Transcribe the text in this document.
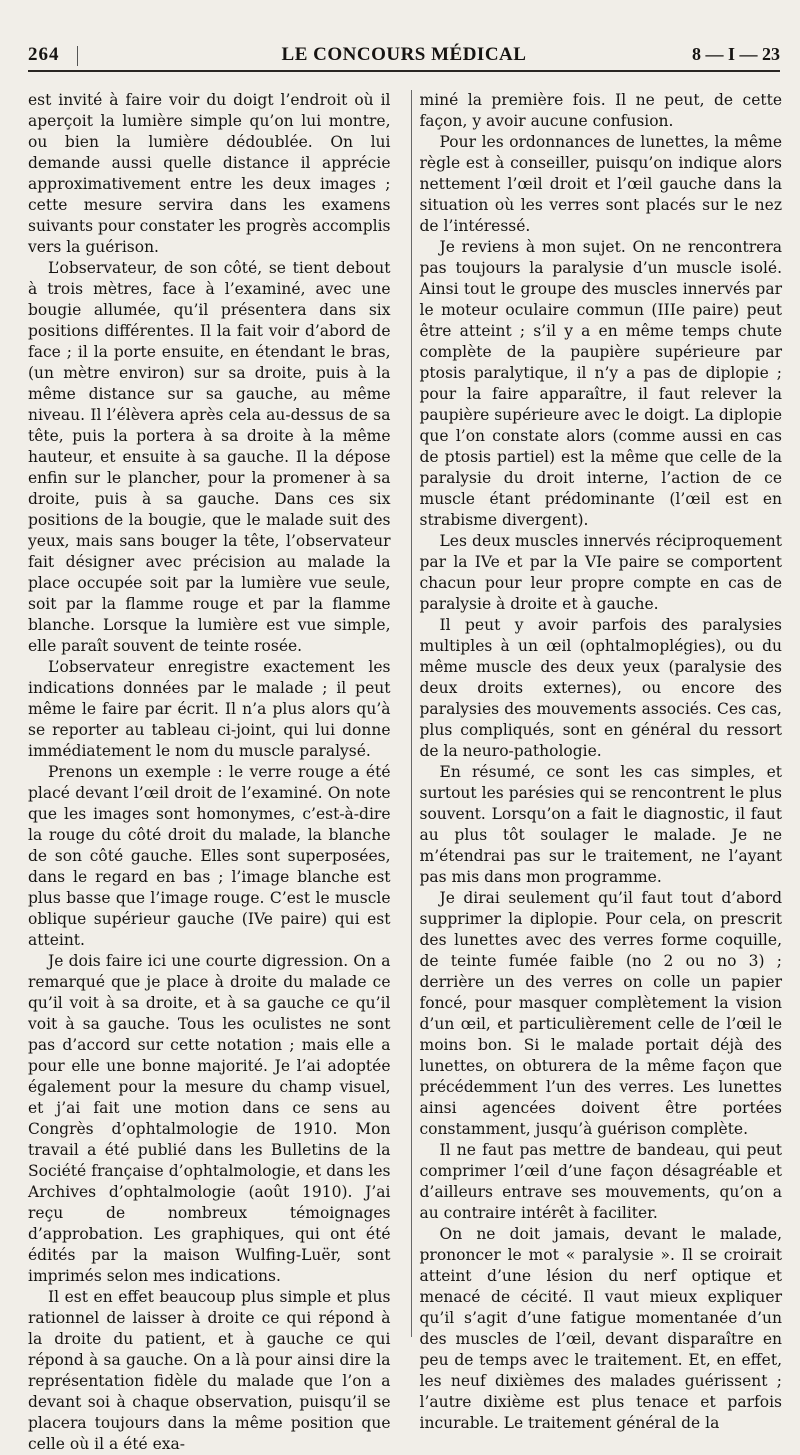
264	LE CONCOURS MÉDICAL	8 — I — 23

est invité à faire voir du doigt l’endroit où il aperçoit la lumière simple qu’on lui montre, ou bien la lumière dédoublée. On lui demande aussi quelle distance il apprécie approximativement entre les deux images ; cette mesure servira dans les examens suivants pour constater les progrès accomplis vers la guérison.

L’observateur, de son côté, se tient debout à trois mètres, face à l’examiné, avec une bougie allumée, qu’il présentera dans six positions différentes. Il la fait voir d’abord de face ; il la porte ensuite, en étendant le bras, (un mètre environ) sur sa droite, puis à la même distance sur sa gauche, au même niveau. Il l’élèvera après cela au-dessus de sa tête, puis la portera à sa droite à la même hauteur, et ensuite à sa gauche. Il la dépose enfin sur le plancher, pour la promener à sa droite, puis à sa gauche. Dans ces six positions de la bougie, que le malade suit des yeux, mais sans bouger la tête, l’observateur fait désigner avec précision au malade la place occupée soit par la lumière vue seule, soit par la flamme rouge et par la flamme blanche. Lorsque la lumière est vue simple, elle paraît souvent de teinte rosée.

L’observateur enregistre exactement les indications données par le malade ; il peut même le faire par écrit. Il n’a plus alors qu’à se reporter au tableau ci-joint, qui lui donne immédiatement le nom du muscle paralysé.

Prenons un exemple : le verre rouge a été placé devant l’œil droit de l’examiné. On note que les images sont homonymes, c’est-à-dire la rouge du côté droit du malade, la blanche de son côté gauche. Elles sont superposées, dans le regard en bas ; l’image blanche est plus basse que l’image rouge. C’est le muscle oblique supérieur gauche (IVe paire) qui est atteint.

Je dois faire ici une courte digression. On a remarqué que je place à droite du malade ce qu’il voit à sa droite, et à sa gauche ce qu’il voit à sa gauche. Tous les oculistes ne sont pas d’accord sur cette notation ; mais elle a pour elle une bonne majorité. Je l’ai adoptée également pour la mesure du champ visuel, et j’ai fait une motion dans ce sens au Congrès d’ophtalmologie de 1910. Mon travail a été publié dans les Bulletins de la Société française d’ophtalmologie, et dans les Archives d’ophtalmologie (août 1910). J’ai reçu de nombreux témoignages d’approbation. Les graphiques, qui ont été édités par la maison Wulfing-Luër, sont imprimés selon mes indications.

Il est en effet beaucoup plus simple et plus rationnel de laisser à droite ce qui répond à la droite du patient, et à gauche ce qui répond à sa gauche. On a là pour ainsi dire la représentation fidèle du malade que l’on a devant soi à chaque observation, puisqu’il se placera toujours dans la même position que celle où il a été exa-

miné la première fois. Il ne peut, de cette façon, y avoir aucune confusion.

Pour les ordonnances de lunettes, la même règle est à conseiller, puisqu’on indique alors nettement l’œil droit et l’œil gauche dans la situation où les verres sont placés sur le nez de l’intéressé.

Je reviens à mon sujet. On ne rencontrera pas toujours la paralysie d’un muscle isolé. Ainsi tout le groupe des muscles innervés par le moteur oculaire commun (IIIe paire) peut être atteint ; s’il y a en même temps chute complète de la paupière supérieure par ptosis paralytique, il n’y a pas de diplopie ; pour la faire apparaître, il faut relever la paupière supérieure avec le doigt. La diplopie que l’on constate alors (comme aussi en cas de ptosis partiel) est la même que celle de la paralysie du droit interne, l’action de ce muscle étant prédominante (l’œil est en strabisme divergent).

Les deux muscles innervés réciproquement par la IVe et par la VIe paire se comportent chacun pour leur propre compte en cas de paralysie à droite et à gauche.

Il peut y avoir parfois des paralysies multiples à un œil (ophtalmoplégies), ou du même muscle des deux yeux (paralysie des deux droits externes), ou encore des paralysies des mouvements associés. Ces cas, plus compliqués, sont en général du ressort de la neuro-pathologie.

En résumé, ce sont les cas simples, et surtout les parésies qui se rencontrent le plus souvent. Lorsqu’on a fait le diagnostic, il faut au plus tôt soulager le malade. Je ne m’étendrai pas sur le traitement, ne l’ayant pas mis dans mon programme.

Je dirai seulement qu’il faut tout d’abord supprimer la diplopie. Pour cela, on prescrit des lunettes avec des verres forme coquille, de teinte fumée faible (no 2 ou no 3) ; derrière un des verres on colle un papier foncé, pour masquer complètement la vision d’un œil, et particulièrement celle de l’œil le moins bon. Si le malade portait déjà des lunettes, on obturera de la même façon que précédemment l’un des verres. Les lunettes ainsi agencées doivent être portées constamment, jusqu’à guérison complète.

Il ne faut pas mettre de bandeau, qui peut comprimer l’œil d’une façon désagréable et d’ailleurs entrave ses mouvements, qu’on a au contraire intérêt à faciliter.

On ne doit jamais, devant le malade, prononcer le mot « paralysie ». Il se croirait atteint d’une lésion du nerf optique et menacé de cécité. Il vaut mieux expliquer qu’il s’agit d’une fatigue momentanée d’un des muscles de l’œil, devant disparaître en peu de temps avec le traitement. Et, en effet, les neuf dixièmes des malades guérissent ; l’autre dixième est plus tenace et parfois incurable. Le traitement général de la
